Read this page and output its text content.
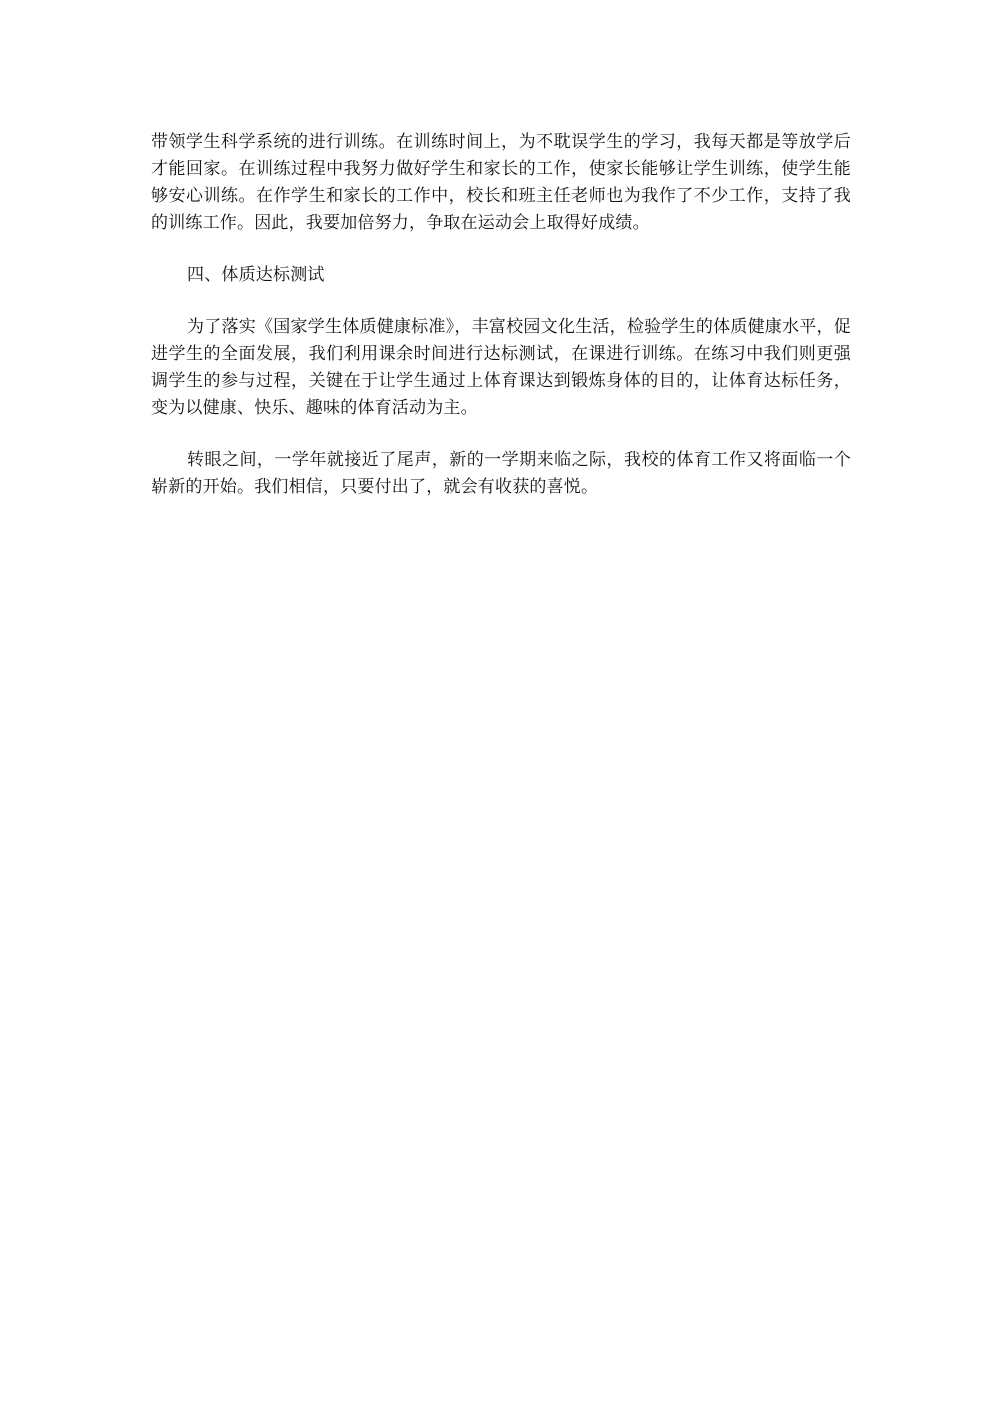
带领学生科学系统的进行训练。在训练时间上，为不耽误学生的学习，我每天都是等放学后才能回家。在训练过程中我努力做好学生和家长的工作，使家长能够让学生训练，使学生能够安心训练。在作学生和家长的工作中，校长和班主任老师也为我作了不少工作，支持了我的训练工作。因此，我要加倍努力，争取在运动会上取得好成绩。

四、体质达标测试

为了落实《国家学生体质健康标准》，丰富校园文化生活，检验学生的体质健康水平，促进学生的全面发展，我们利用课余时间进行达标测试，在课进行训练。在练习中我们则更强调学生的参与过程，关键在于让学生通过上体育课达到锻炼身体的目的，让体育达标任务，变为以健康、快乐、趣味的体育活动为主。

转眼之间，一学年就接近了尾声，新的一学期来临之际，我校的体育工作又将面临一个崭新的开始。我们相信，只要付出了，就会有收获的喜悦。
